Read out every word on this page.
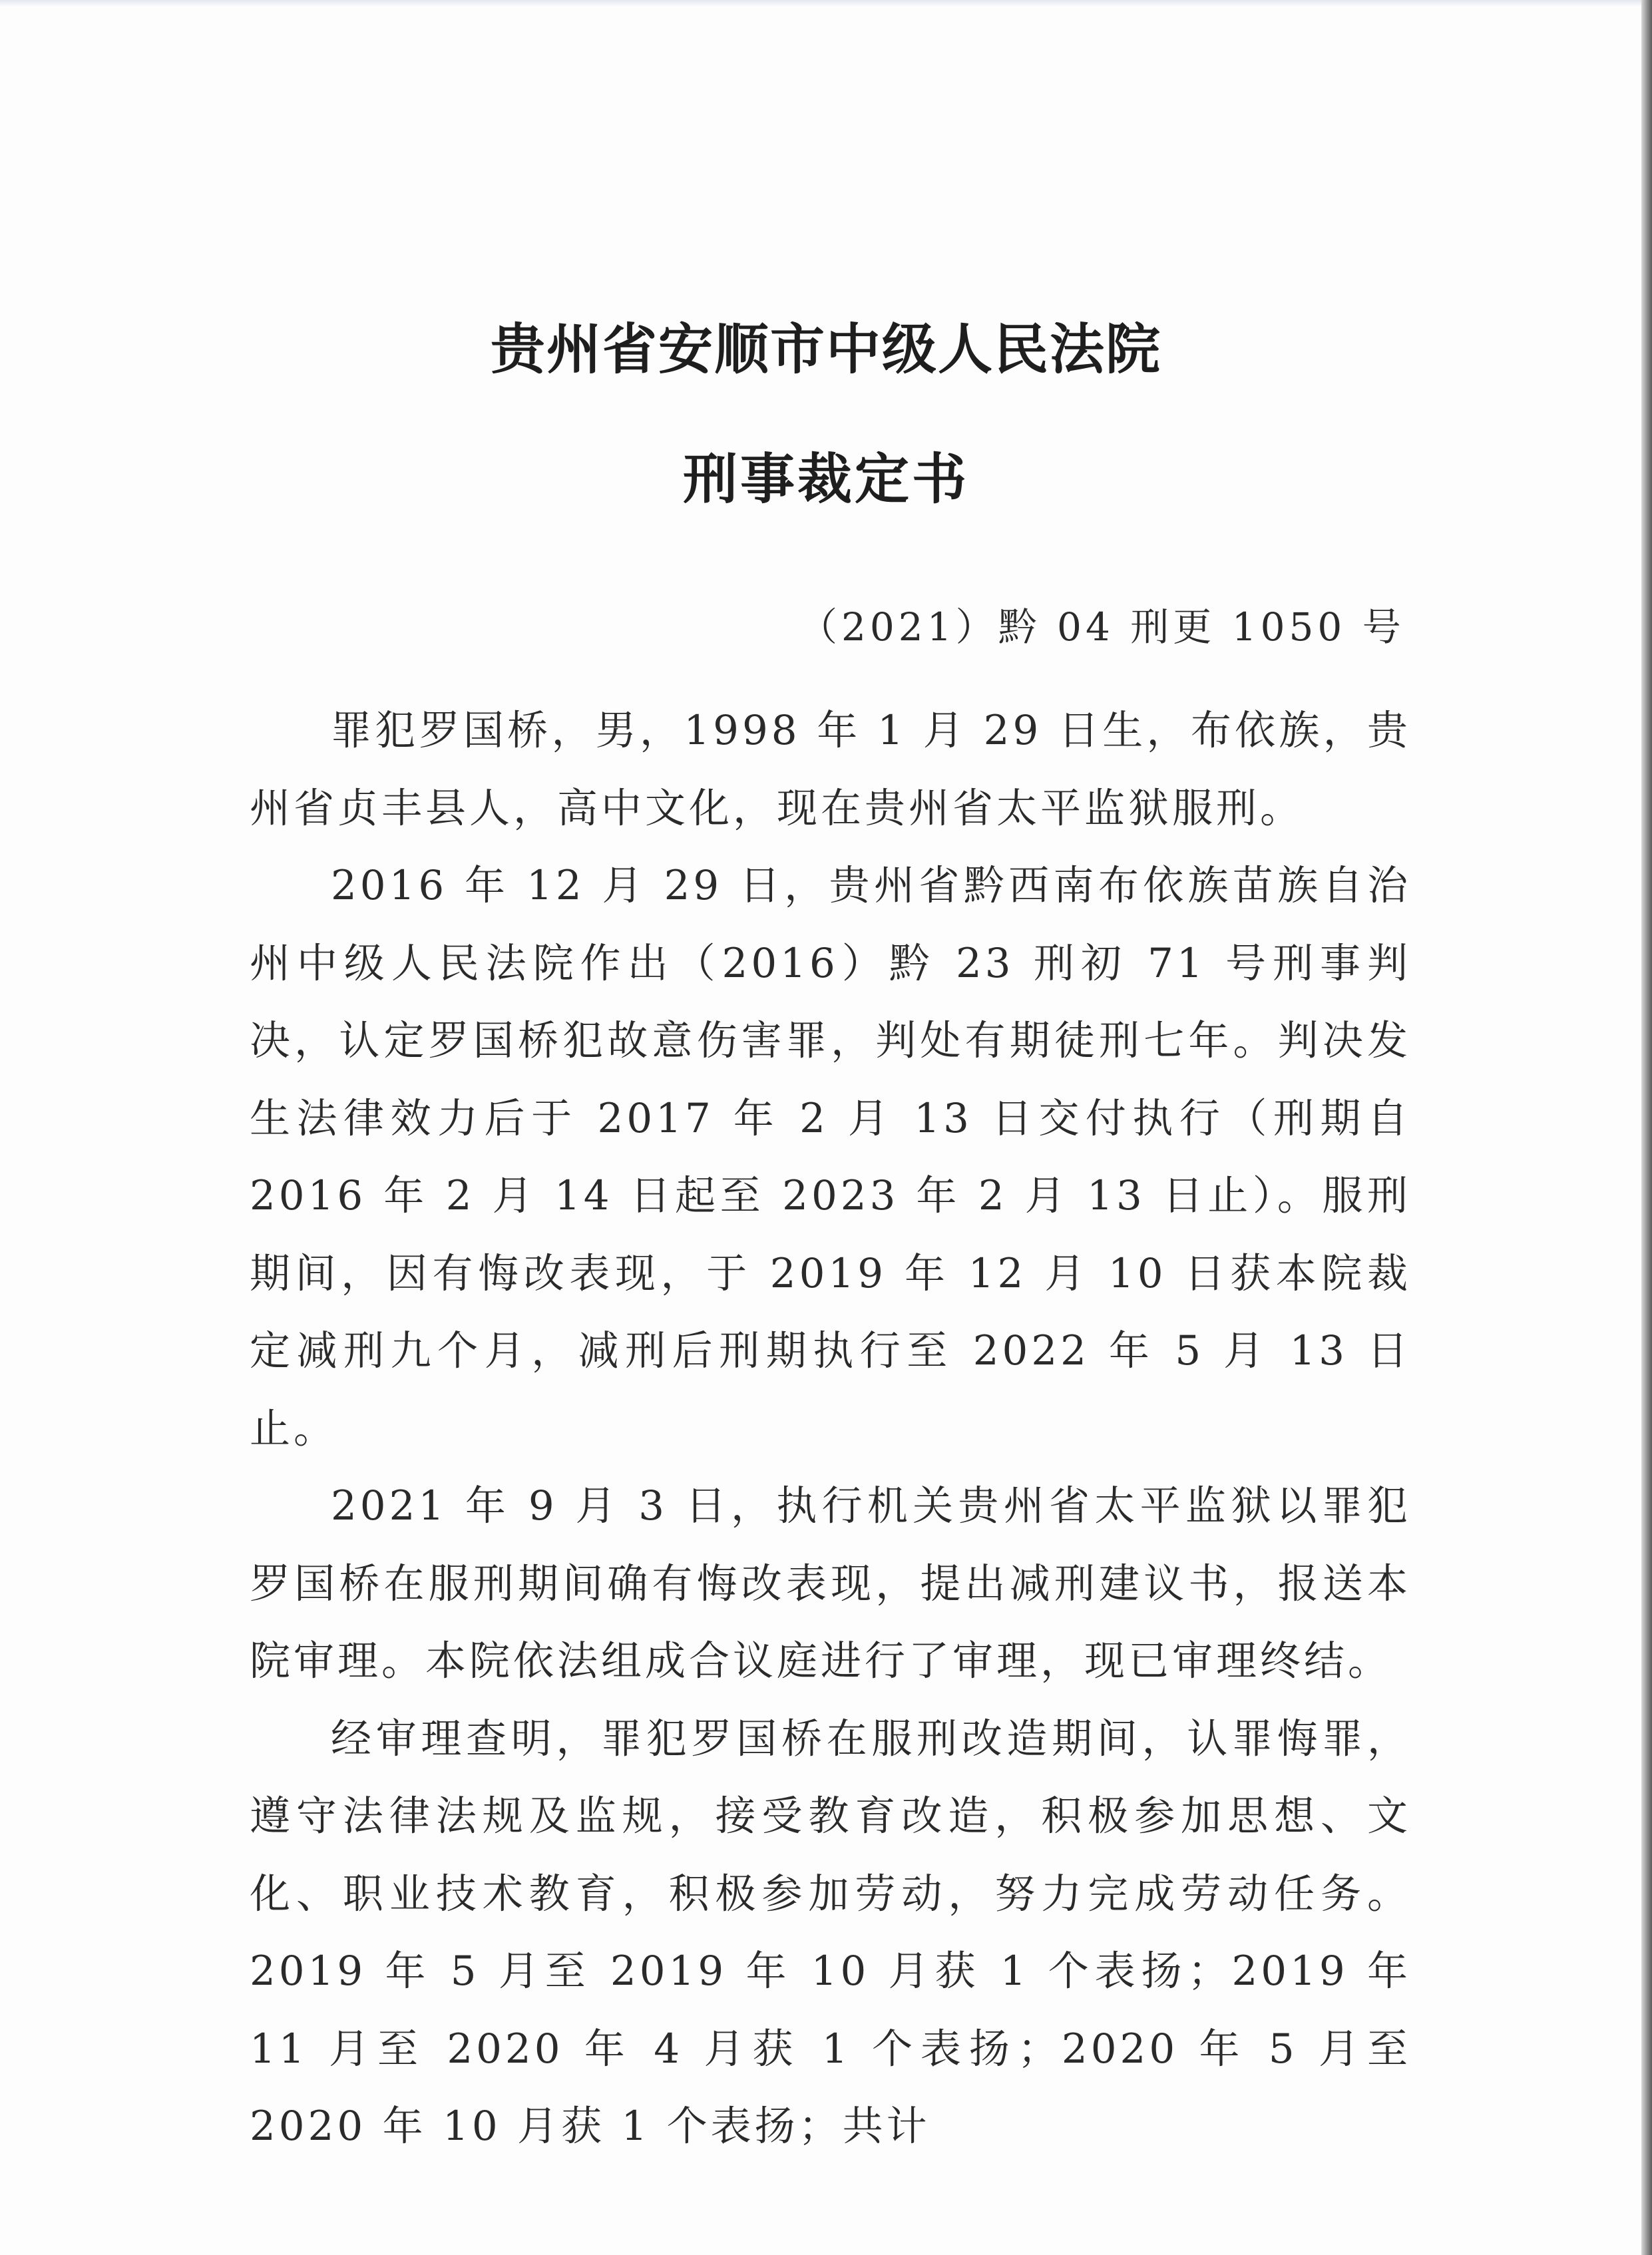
贵州省安顺市中级人民法院
刑事裁定书
（2021）黔 04 刑更 1050 号

罪犯罗国桥，男，1998 年 1 月 29 日生，布依族，贵州省贞丰县人，高中文化，现在贵州省太平监狱服刑。

2016 年 12 月 29 日，贵州省黔西南布依族苗族自治州中级人民法院作出（2016）黔 23 刑初 71 号刑事判决，认定罗国桥犯故意伤害罪，判处有期徒刑七年。判决发生法律效力后于 2017 年 2 月 13 日交付执行（刑期自 2016 年 2 月 14 日起至 2023 年 2 月 13 日止）。服刑期间，因有悔改表现，于 2019 年 12 月 10 日获本院裁定减刑九个月，减刑后刑期执行至 2022 年 5 月 13 日止。

2021 年 9 月 3 日，执行机关贵州省太平监狱以罪犯罗国桥在服刑期间确有悔改表现，提出减刑建议书，报送本院审理。本院依法组成合议庭进行了审理，现已审理终结。

经审理查明，罪犯罗国桥在服刑改造期间，认罪悔罪，遵守法律法规及监规，接受教育改造，积极参加思想、文化、职业技术教育，积极参加劳动，努力完成劳动任务。2019 年 5 月至 2019 年 10 月获 1 个表扬；2019 年 11 月至 2020 年 4 月获 1 个表扬；2020 年 5 月至 2020 年 10 月获 1 个表扬；共计
